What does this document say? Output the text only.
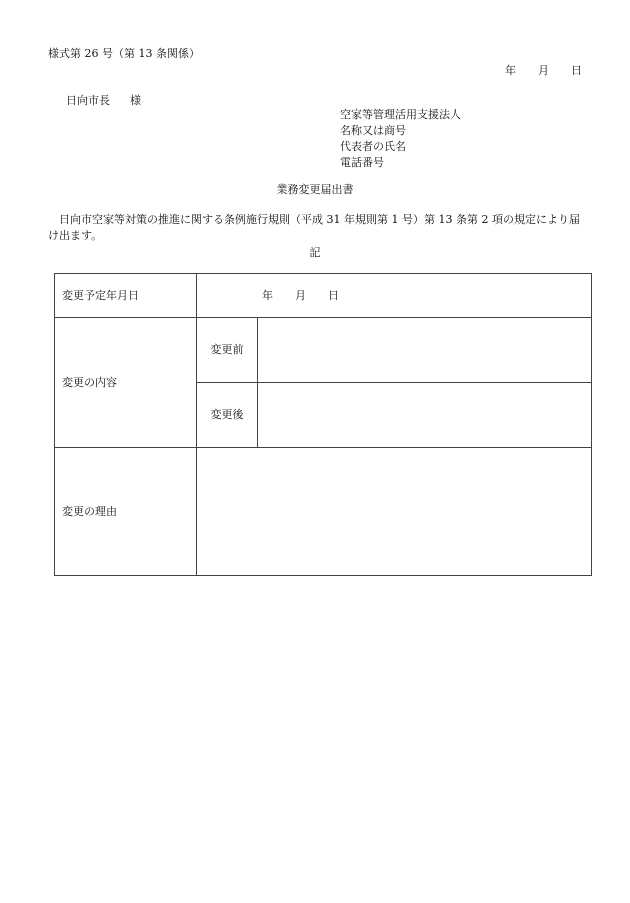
様式第 26 号（第 13 条関係）
年 月 日
日向市長 様
空家等管理活用支援法人
名称又は商号
代表者の氏名
電話番号
業務変更届出書
日向市空家等対策の推進に関する条例施行規則（平成 31 年規則第 1 号）第 13 条第 2 項の規定により届け出ます。
記
変更予定年月日	年 月 日	
変更の内容	変更前	
	変更後	
変更の理由		
